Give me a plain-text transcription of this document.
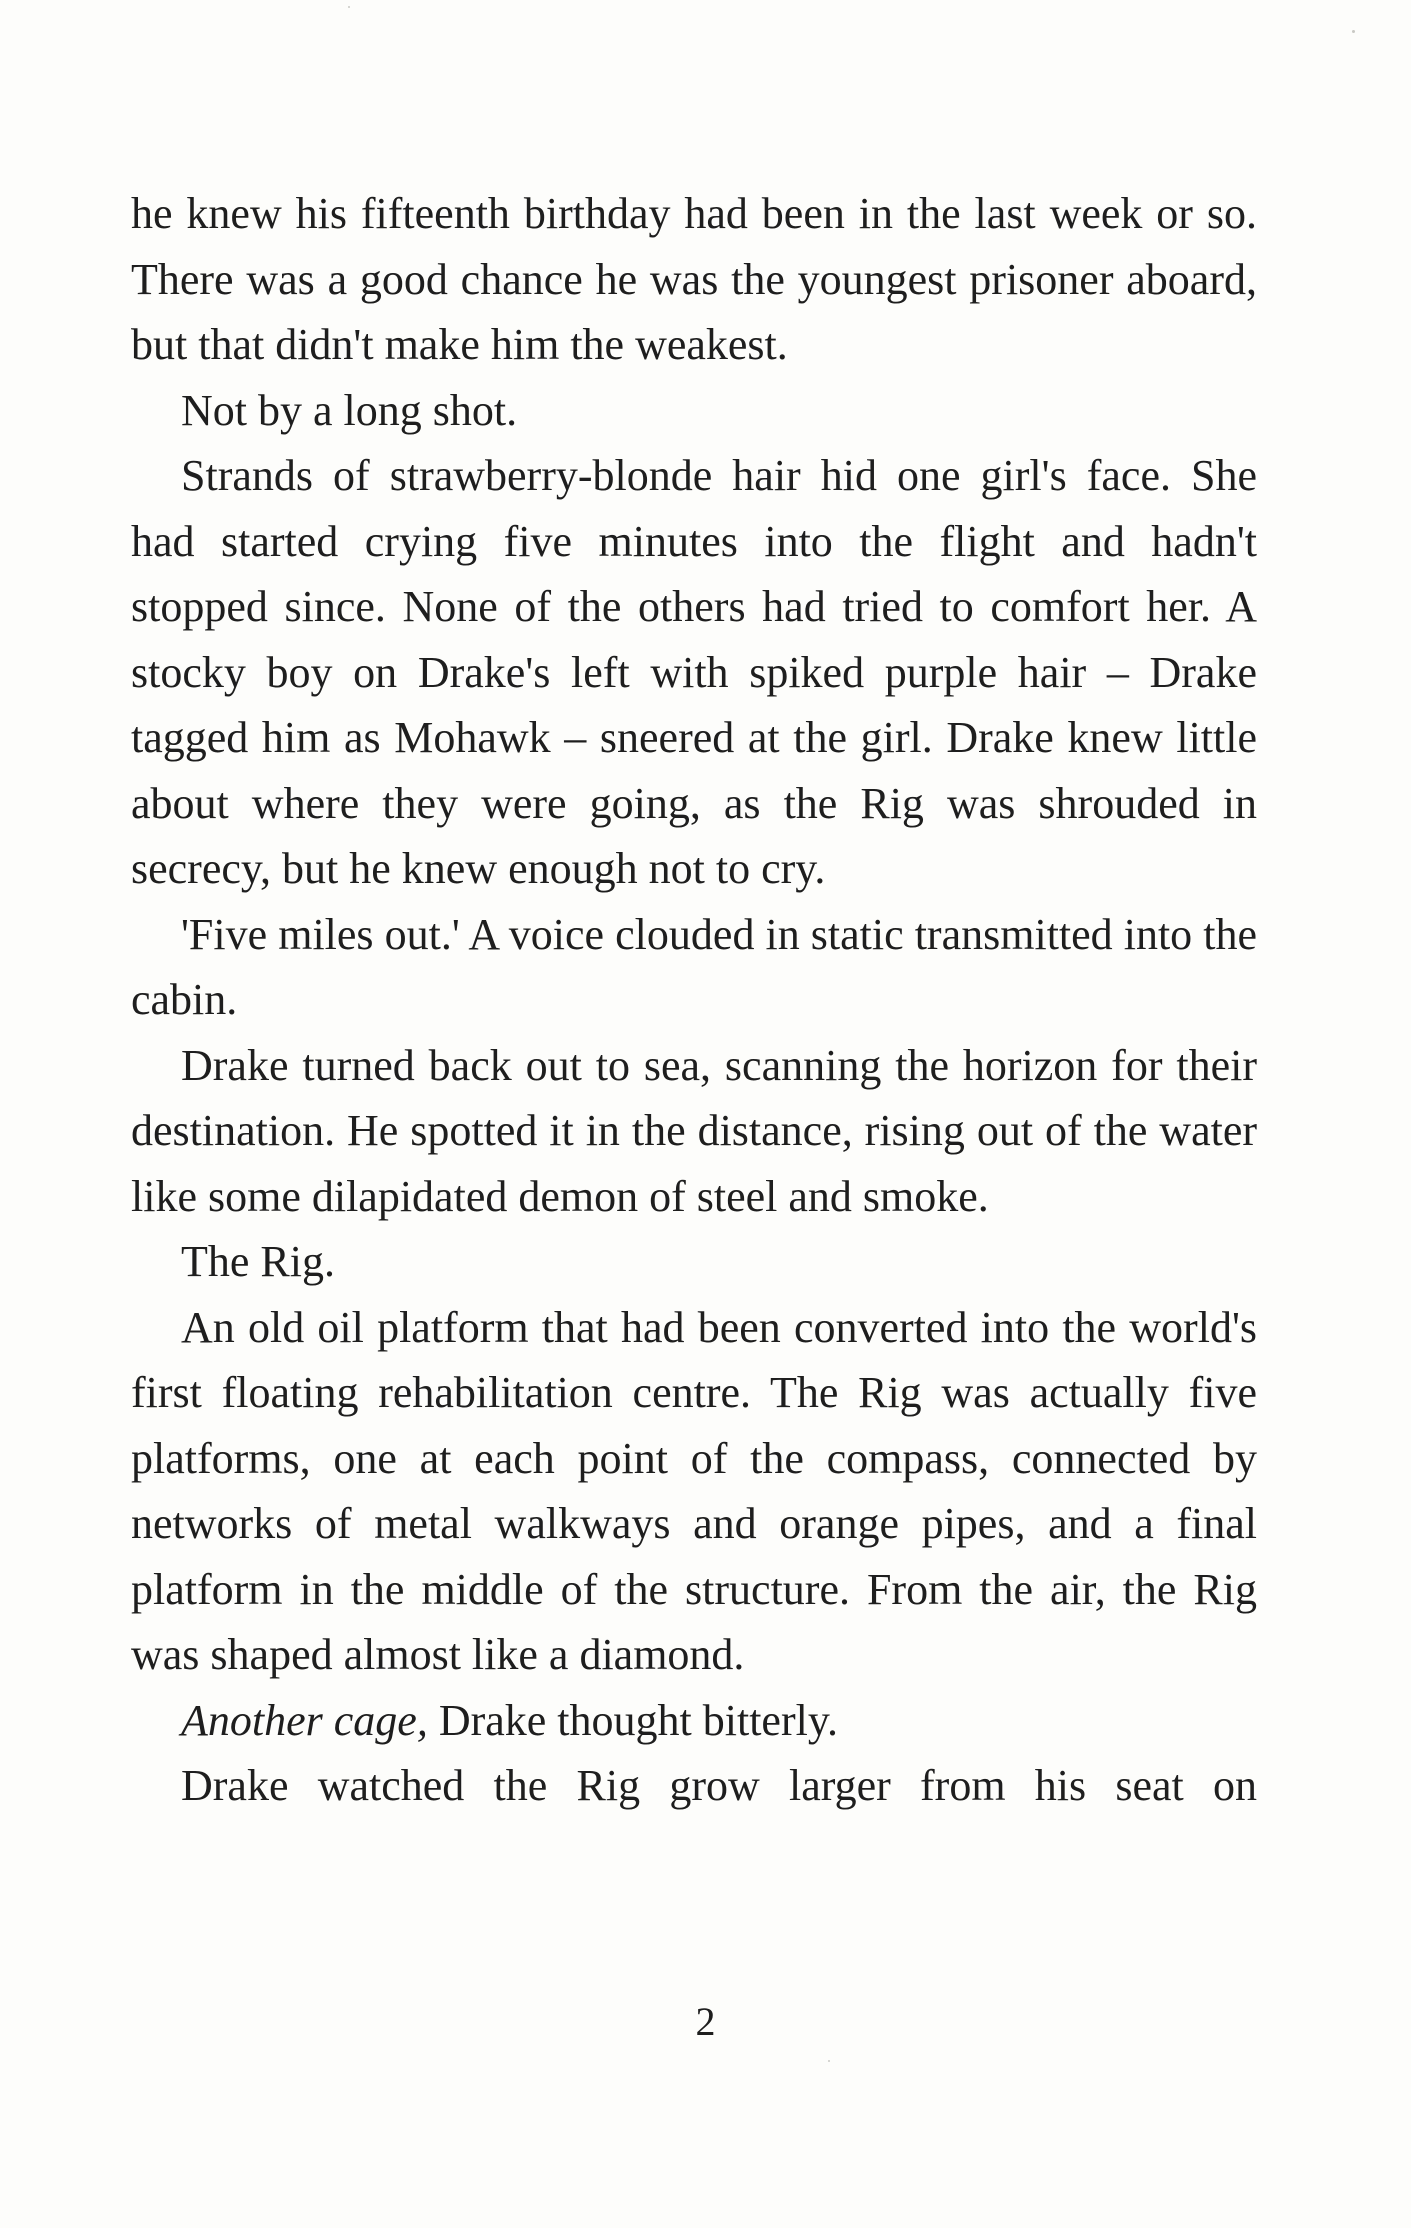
he knew his fifteenth birthday had been in the last week or so. There was a good chance he was the youngest prisoner aboard, but that didn't make him the weakest.

Not by a long shot.

Strands of strawberry-blonde hair hid one girl's face. She had started crying five minutes into the flight and hadn't stopped since. None of the others had tried to comfort her. A stocky boy on Drake's left with spiked purple hair – Drake tagged him as Mohawk – sneered at the girl. Drake knew little about where they were going, as the Rig was shrouded in secrecy, but he knew enough not to cry.

'Five miles out.' A voice clouded in static transmitted into the cabin.

Drake turned back out to sea, scanning the horizon for their destination. He spotted it in the distance, rising out of the water like some dilapidated demon of steel and smoke.

The Rig.

An old oil platform that had been converted into the world's first floating rehabilitation centre. The Rig was actually five platforms, one at each point of the compass, connected by networks of metal walkways and orange pipes, and a final platform in the middle of the structure. From the air, the Rig was shaped almost like a diamond.

Another cage, Drake thought bitterly.

Drake watched the Rig grow larger from his seat on

2
